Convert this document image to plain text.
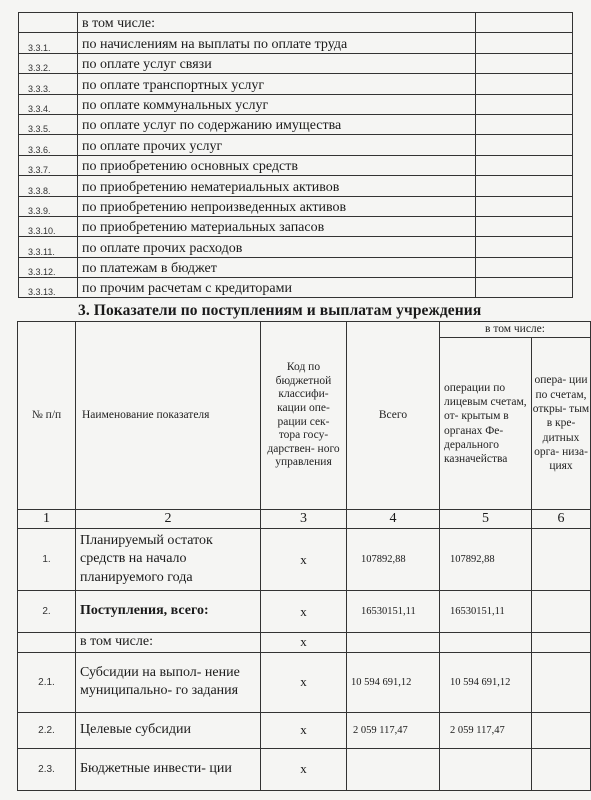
	в том числе:	
3.3.1.	по начислениям на выплаты по оплате труда	
3.3.2.	по оплате услуг связи	
3.3.3.	по оплате транспортных услуг	
3.3.4.	по оплате коммунальных услуг	
3.3.5.	по оплате услуг по содержанию имущества	
3.3.6.	по оплате прочих услуг	
3.3.7.	по приобретению основных средств	
3.3.8.	по приобретению нематериальных активов	
3.3.9.	по приобретению непроизведенных активов	
3.3.10.	по приобретению материальных запасов	
3.3.11.	по оплате прочих расходов	
3.3.12.	по платежам в бюджет	
3.3.13.	по прочим расчетам с кредиторами	
3. Показатели по поступлениям и выплатам учреждения
№ п/п	Наименование показателя	Код по бюджетной классифи- кации опе- рации сек- тора госу- дарствен- ного управления	Всего	в том числе:	
				операции по лицевым счетам, от- крытым в органах Фе- дерального казначейства	опера- ции по счетам, откры- тым в кре- дитных орга- низа- циях
1	2	3	4	5	6
1.	Планируемый остаток средств на начало планируемого года	х	107892,88	107892,88	
2.	Поступления, всего:	х	16530151,11	16530151,11	
	в том числе:	х			
2.1.	Субсидии на выпол- нение муниципально- го задания	х	10 594 691,12	10 594 691,12	
2.2.	Целевые субсидии	х	2 059 117,47	2 059 117,47	
2.3.	Бюджетные инвести- ции	х			
